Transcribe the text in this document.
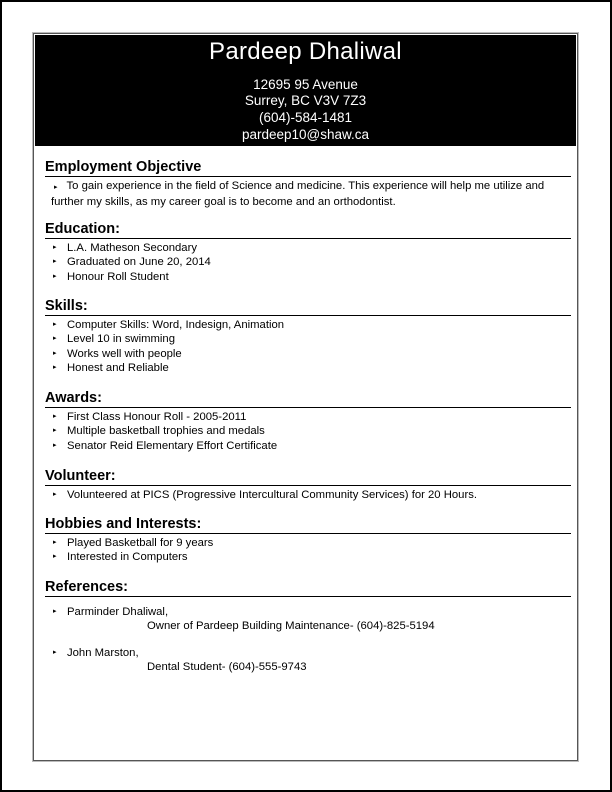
Pardeep Dhaliwal
12695 95 Avenue
Surrey, BC V3V 7Z3
(604)-584-1481
pardeep10@shaw.ca
Employment Objective
▸ To gain experience in the field of Science and medicine. This experience will help me utilize and further my skills, as my career goal is to become and an orthodontist.
Education:
▸ L.A. Matheson Secondary
▸ Graduated on June 20, 2014
▸ Honour Roll Student
Skills:
▸ Computer Skills: Word, Indesign, Animation
▸ Level 10 in swimming
▸ Works well with people
▸ Honest and Reliable
Awards:
▸ First Class Honour Roll - 2005-2011
▸ Multiple basketball trophies and medals
▸ Senator Reid Elementary Effort Certificate
Volunteer:
▸ Volunteered at PICS (Progressive Intercultural Community Services) for 20 Hours.
Hobbies and Interests:
▸ Played Basketball for 9 years
▸ Interested in Computers
References:
▸ Parminder Dhaliwal,
Owner of Pardeep Building Maintenance- (604)-825-5194
▸ John Marston,
Dental Student- (604)-555-9743
